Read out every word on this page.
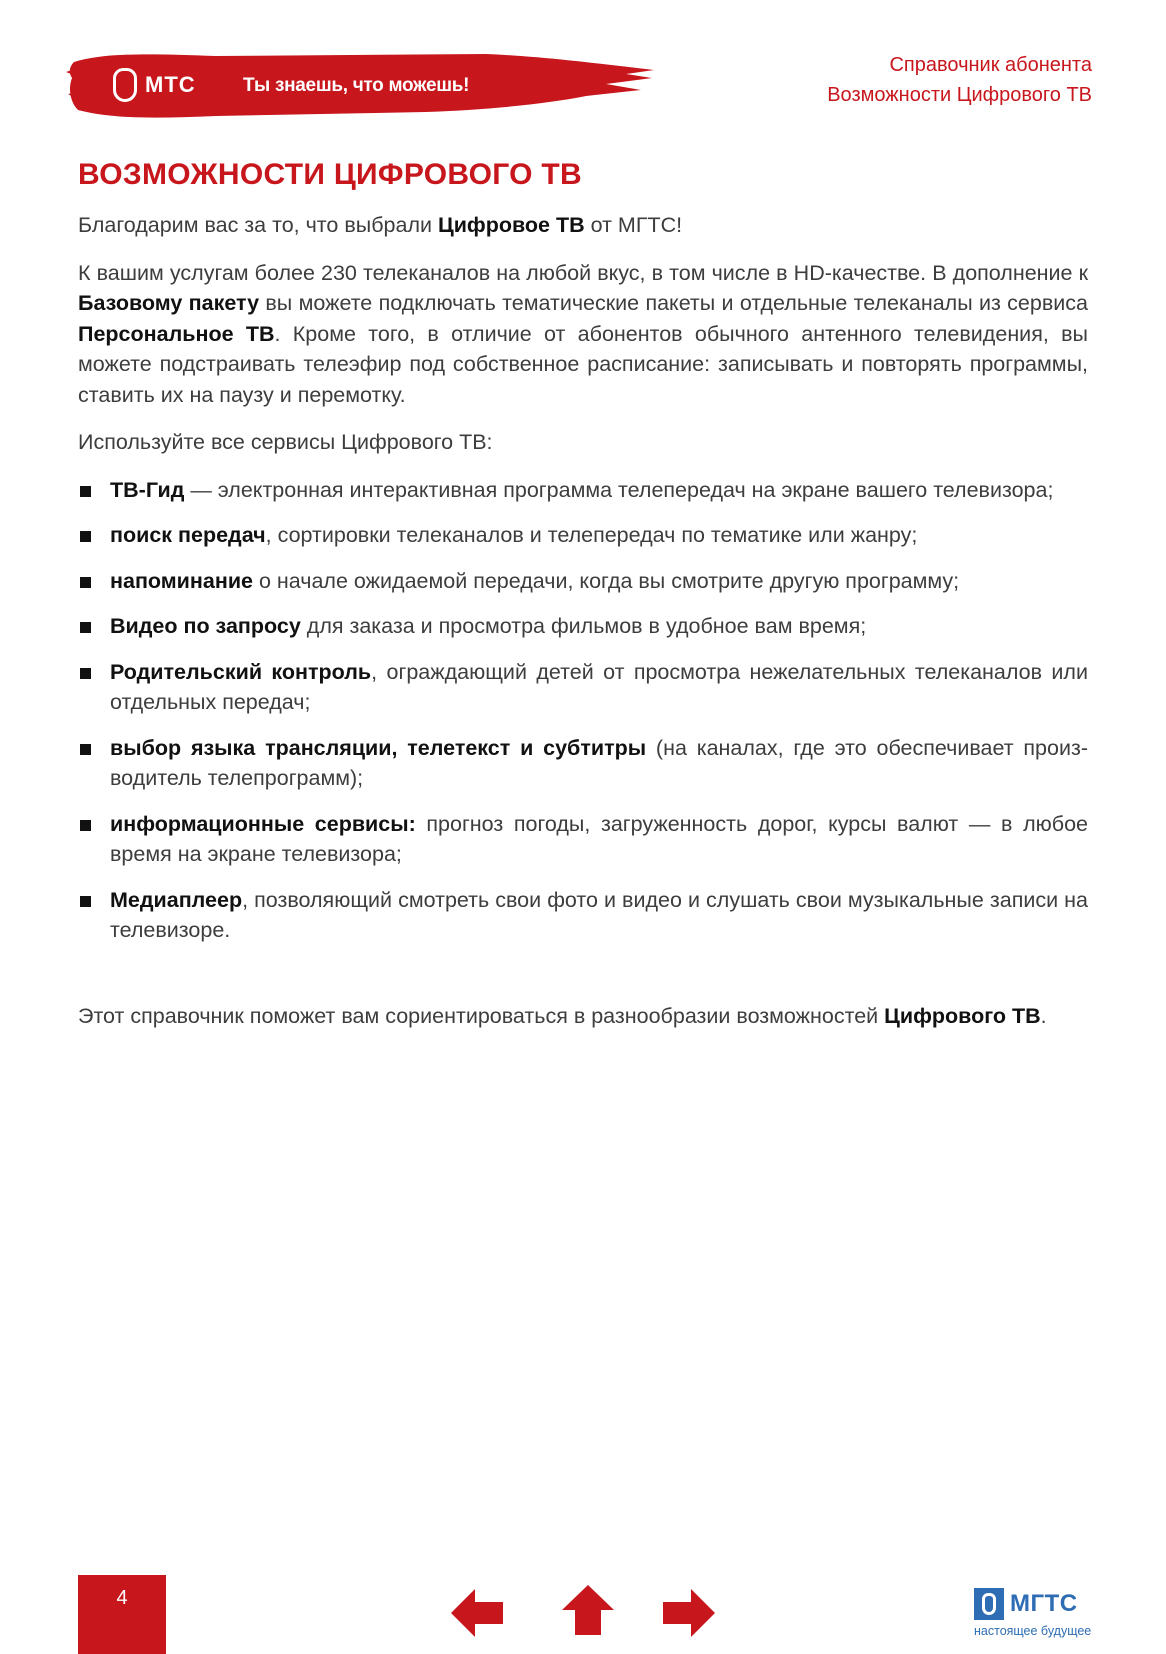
МТС Ты знаешь, что можешь!
Справочник абонента
Возможности Цифрового ТВ
ВОЗМОЖНОСТИ ЦИФРОВОГО ТВ

Благодарим вас за то, что выбрали Цифровое ТВ от МГТС!

К вашим услугам более 230 телеканалов на любой вкус, в том числе в HD-качестве. В дополнение к Базовому пакету вы можете подключать тематические пакеты и отдельные телеканалы из сервиса Персональное ТВ. Кроме того, в отличие от абонентов обычного антенного телевидения, вы можете подстраивать телеэфир под собственное расписание: записывать и повторять программы, ставить их на паузу и перемотку.

Используйте все сервисы Цифрового ТВ:

ТВ-Гид — электронная интерактивная программа телепередач на экране вашего телевизора;
поиск передач, сортировки телеканалов и телепередач по тематике или жанру;
напоминание о начале ожидаемой передачи, когда вы смотрите другую программу;
Видео по запросу для заказа и просмотра фильмов в удобное вам время;
Родительский контроль, ограждающий детей от просмотра нежелательных телеканалов или отдельных передач;
выбор языка трансляции, телетекст и субтитры (на каналах, где это обеспечивает производитель телепрограмм);
информационные сервисы: прогноз погоды, загруженность дорог, курсы валют — в любое время на экране телевизора;
Медиаплеер, позволяющий смотреть свои фото и видео и слушать свои музыкальные записи на телевизоре.

Этот справочник поможет вам сориентироваться в разнообразии возможностей Цифрового ТВ.

4	МГТС
настоящее будущее
